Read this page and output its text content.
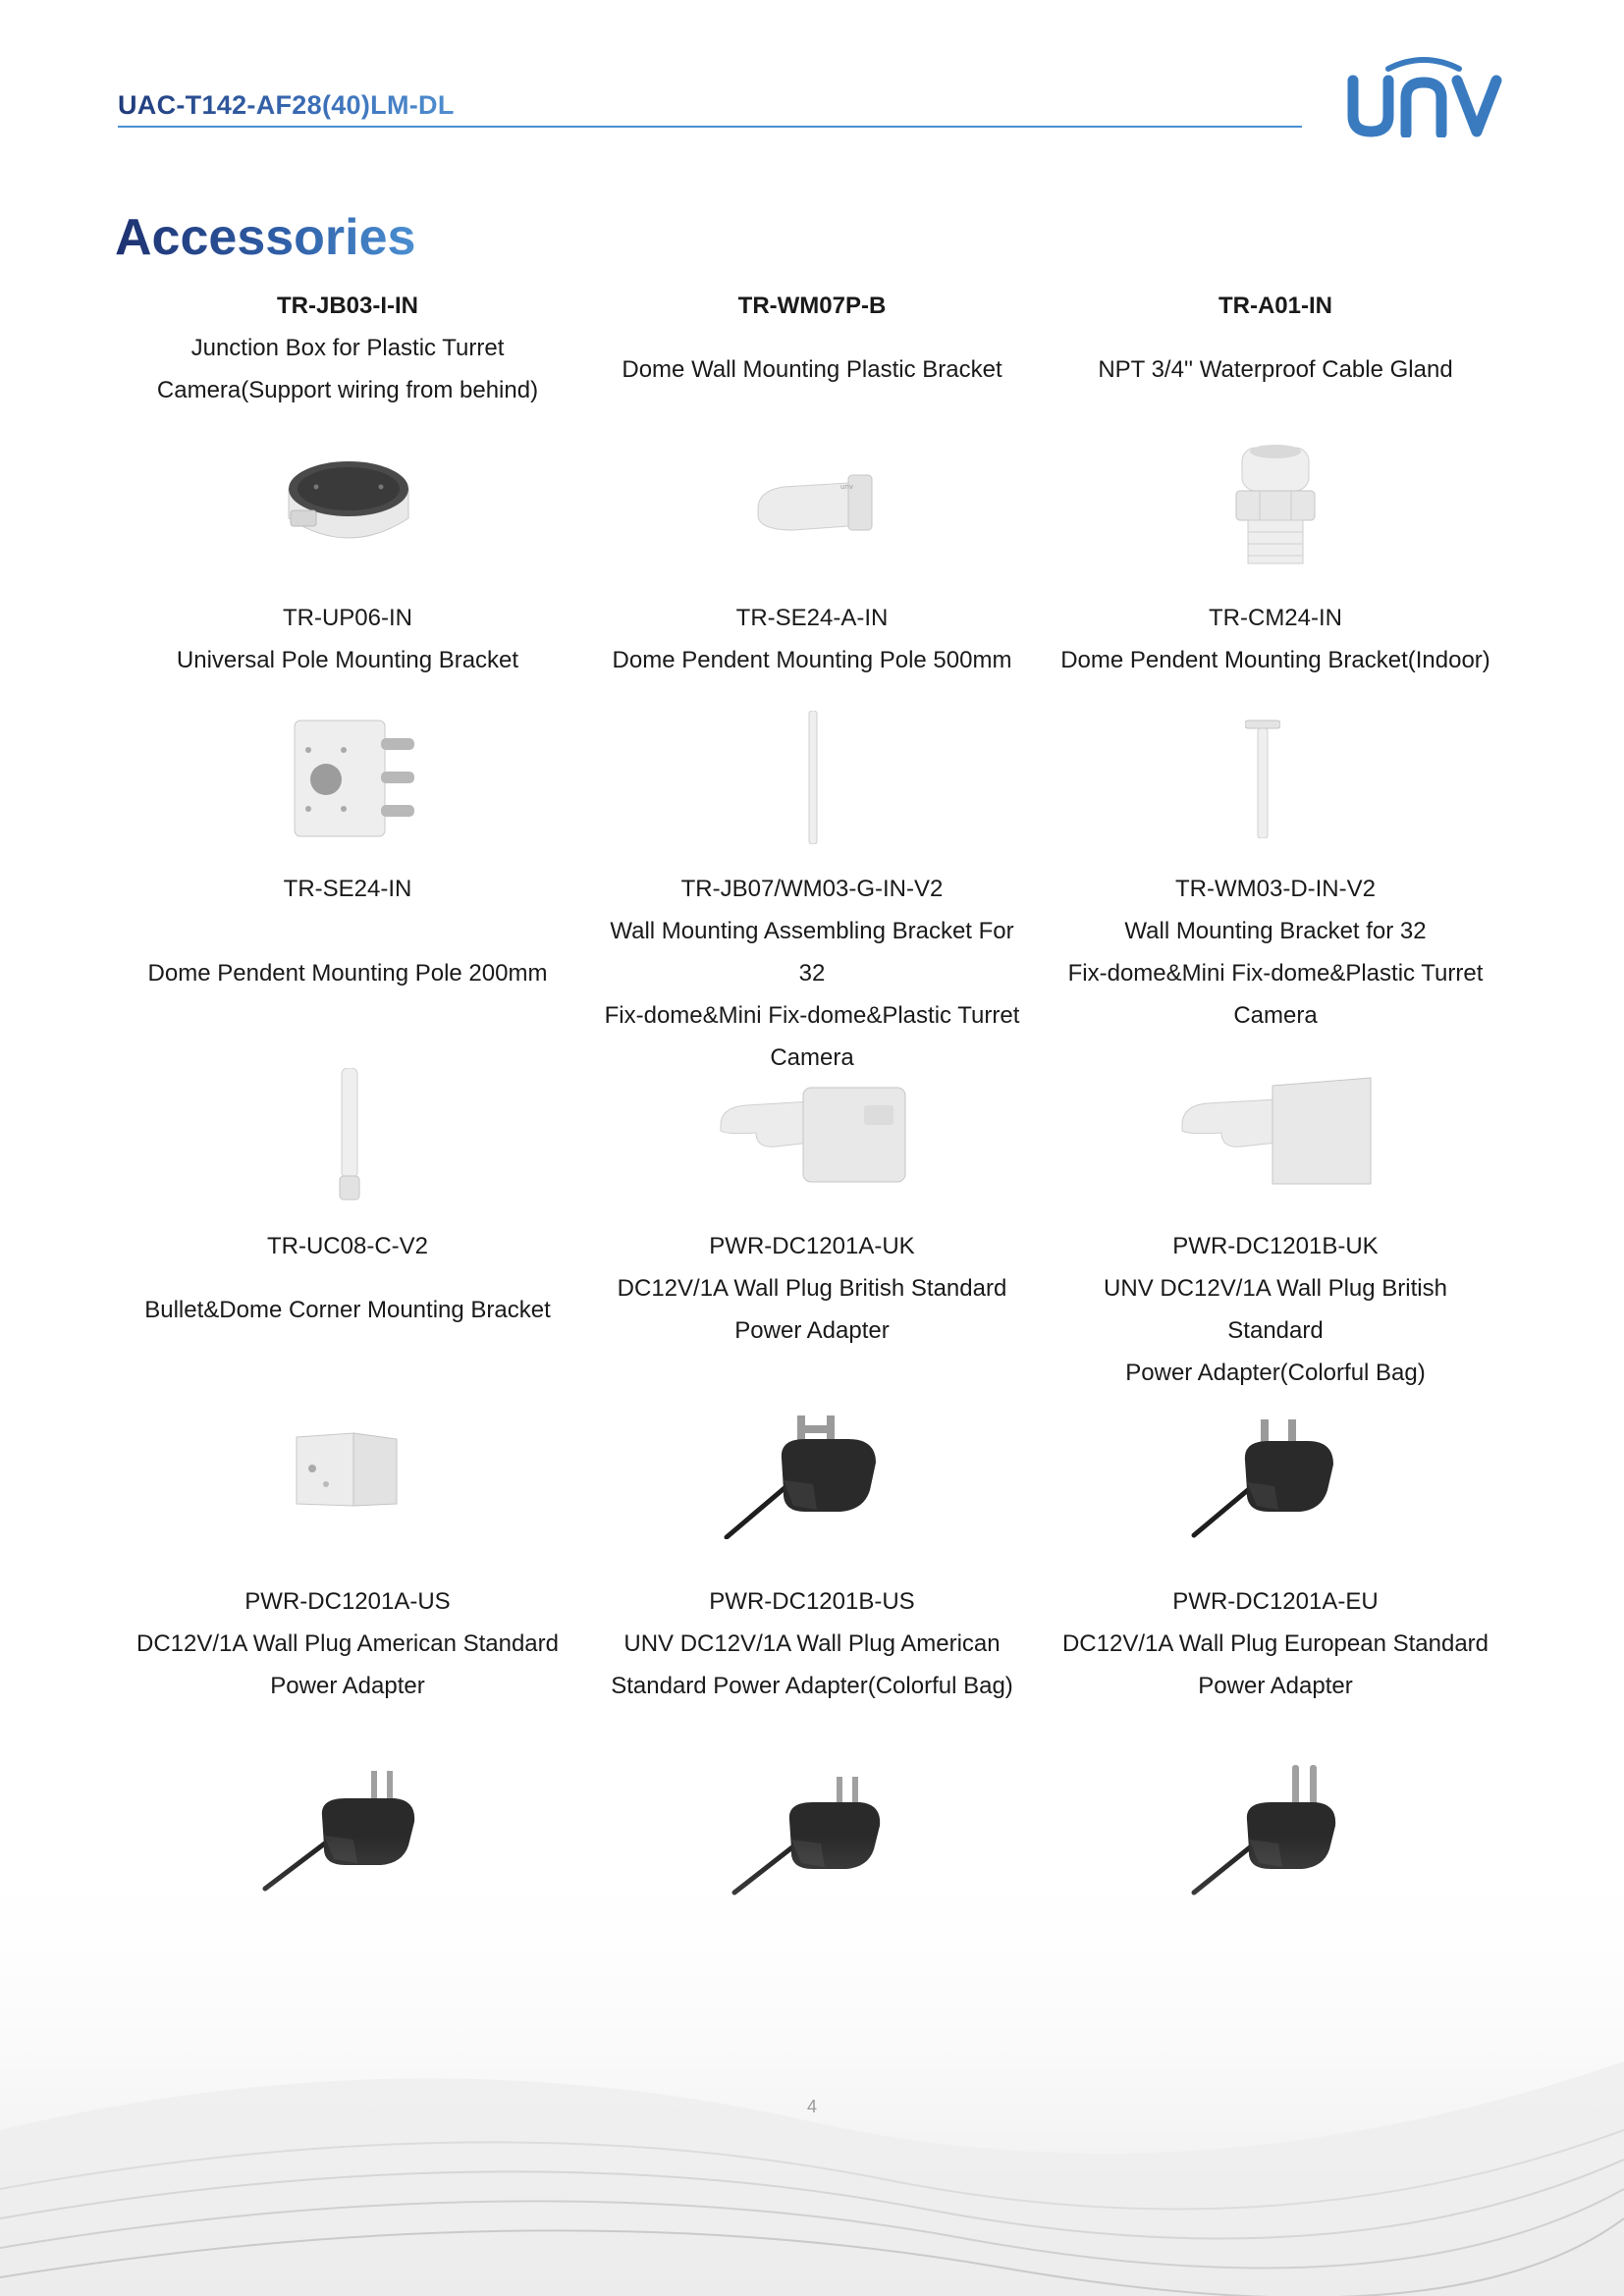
UAC-T142-AF28(40)LM-DL
Accessories
TR-JB03-I-IN
Junction Box for Plastic Turret
Camera(Support wiring from behind)
TR-WM07P-B
Dome Wall Mounting Plastic Bracket
TR-A01-IN
NPT 3/4'' Waterproof Cable Gland
unv
TR-UP06-IN
Universal Pole Mounting Bracket
TR-SE24-A-IN
Dome Pendent Mounting Pole 500mm
TR-CM24-IN
Dome Pendent Mounting Bracket(Indoor)
TR-SE24-IN
Dome Pendent Mounting Pole 200mm
TR-JB07/WM03-G-IN-V2
Wall Mounting Assembling Bracket For 32
Fix-dome&Mini Fix-dome&Plastic Turret
Camera
TR-WM03-D-IN-V2
Wall Mounting Bracket for 32
Fix-dome&Mini Fix-dome&Plastic Turret
Camera
TR-UC08-C-V2
Bullet&Dome Corner Mounting Bracket
PWR-DC1201A-UK
DC12V/1A Wall Plug British Standard
Power Adapter
PWR-DC1201B-UK
UNV DC12V/1A Wall Plug British Standard
Power Adapter(Colorful Bag)
PWR-DC1201A-US
DC12V/1A Wall Plug American Standard
Power Adapter
PWR-DC1201B-US
UNV DC12V/1A Wall Plug American
Standard Power Adapter(Colorful Bag)
PWR-DC1201A-EU
DC12V/1A Wall Plug European Standard
Power Adapter
4
